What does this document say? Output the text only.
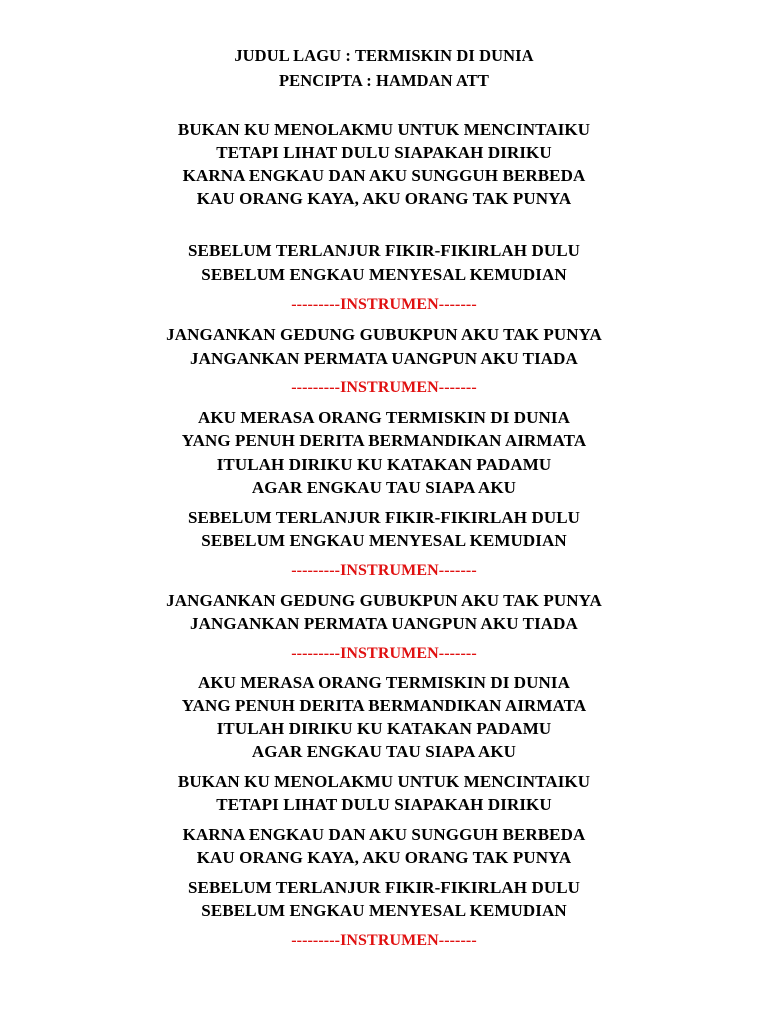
JUDUL LAGU : TERMISKIN DI DUNIA
PENCIPTA : HAMDAN ATT
BUKAN KU MENOLAKMU UNTUK MENCINTAIKU
TETAPI LIHAT DULU SIAPAKAH DIRIKU
KARNA ENGKAU DAN AKU SUNGGUH BERBEDA
KAU ORANG KAYA, AKU ORANG TAK PUNYA
SEBELUM TERLANJUR FIKIR-FIKIRLAH DULU
SEBELUM ENGKAU MENYESAL KEMUDIAN
---------INSTRUMEN-------
JANGANKAN GEDUNG GUBUKPUN AKU TAK PUNYA
JANGANKAN PERMATA UANGPUN AKU TIADA
---------INSTRUMEN-------
AKU MERASA ORANG TERMISKIN DI DUNIA
YANG PENUH DERITA BERMANDIKAN AIRMATA
ITULAH DIRIKU KU KATAKAN PADAMU
AGAR ENGKAU TAU SIAPA AKU
SEBELUM TERLANJUR FIKIR-FIKIRLAH DULU
SEBELUM ENGKAU MENYESAL KEMUDIAN
---------INSTRUMEN-------
JANGANKAN GEDUNG GUBUKPUN AKU TAK PUNYA
JANGANKAN PERMATA UANGPUN AKU TIADA
---------INSTRUMEN-------
AKU MERASA ORANG TERMISKIN DI DUNIA
YANG PENUH DERITA BERMANDIKAN AIRMATA
ITULAH DIRIKU KU KATAKAN PADAMU
AGAR ENGKAU TAU SIAPA AKU
BUKAN KU MENOLAKMU UNTUK MENCINTAIKU
TETAPI LIHAT DULU SIAPAKAH DIRIKU
KARNA ENGKAU DAN AKU SUNGGUH BERBEDA
KAU ORANG KAYA, AKU ORANG TAK PUNYA
SEBELUM TERLANJUR FIKIR-FIKIRLAH DULU
SEBELUM ENGKAU MENYESAL KEMUDIAN
---------INSTRUMEN-------
